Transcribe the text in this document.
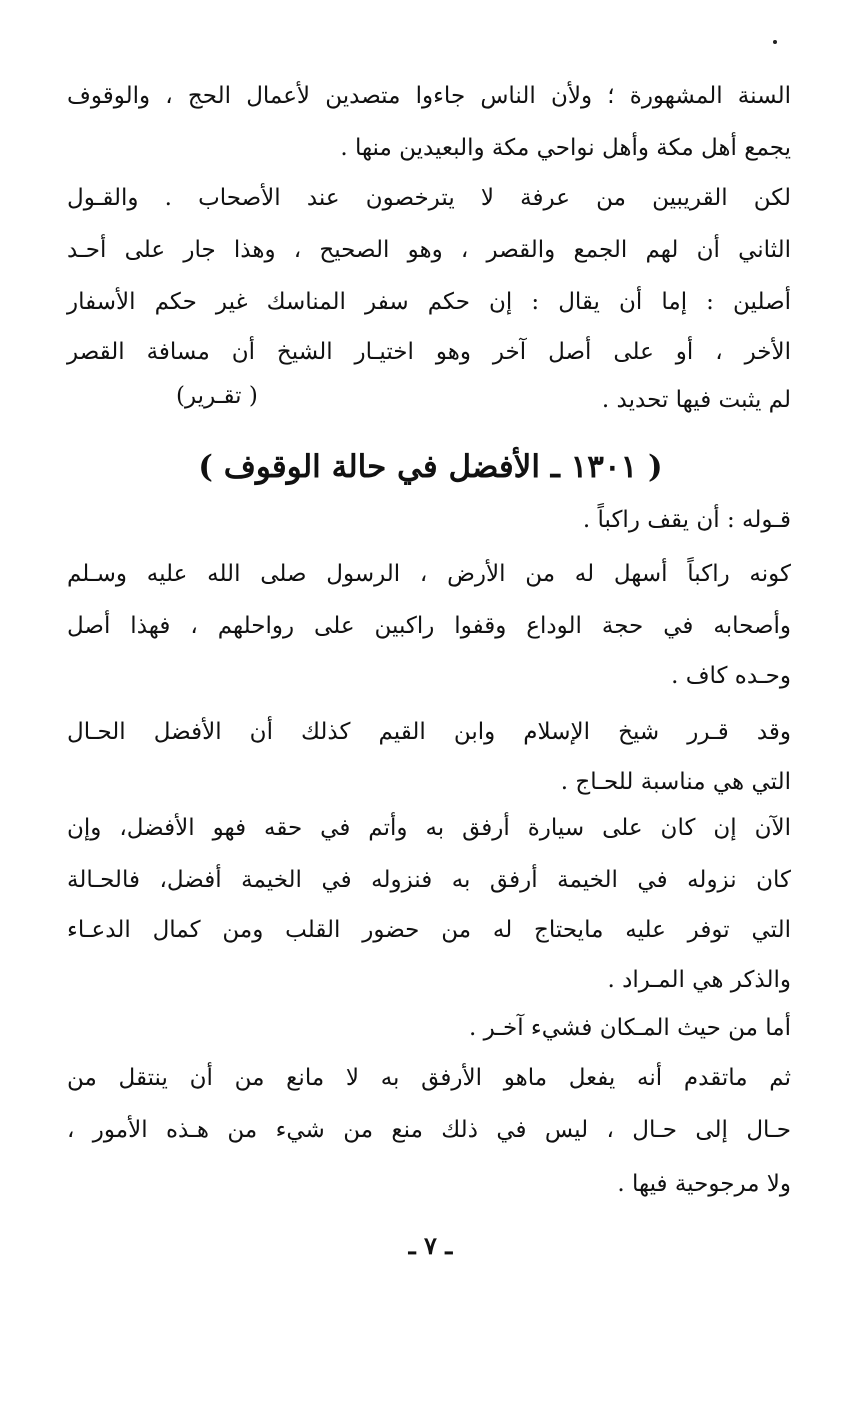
السنة المشهورة ؛ ولأن الناس جاءوا متصدين لأعمال الحج ، والوقوف
يجمع أهل مكة وأهل نواحي مكة والبعيدين منها .
لكن القريبين من عرفة لا يترخصون عند الأصحاب . والقـول
الثاني أن لهم الجمع والقصر ، وهو الصحيح ، وهذا جار على أحـد
أصلين : إما أن يقال : إن حكم سفر المناسك غير حكم الأسفار
الأخر ، أو على أصل آخر وهو اختيـار الشيخ أن مسافة القصر
لم يثبت فيها تحديد .
( تقـرير)
( ١٣٠١ ـ الأفضل في حالة الوقوف )
قـوله : أن يقف راكباً .
كونه راكباً أسهل له من الأرض ، الرسول صلى الله عليه وسـلم
وأصحابه في حجة الوداع وقفوا راكبين على رواحلهم ، فهذا أصل
وحـده كاف .
وقد قـرر شيخ الإسلام وابن القيم كذلك أن الأفضل الحـال
التي هي مناسبة للحـاج .
الآن إن كان على سيارة أرفق به وأتم في حقه فهو الأفضل، وإن
كان نزوله في الخيمة أرفق به فنزوله في الخيمة أفضل، فالحـالة
التي توفر عليه مايحتاج له من حضور القلب ومن كمال الدعـاء
والذكر هي المـراد .
أما من حيث المـكان فشيء آخـر .
ثم ماتقدم أنه يفعل ماهو الأرفق به لا مانع من أن ينتقل من
حـال إلى حـال ، ليس في ذلك منع من شيء من هـذه الأمور ،
ولا مرجوحية فيها .
ـ ٧ ـ
